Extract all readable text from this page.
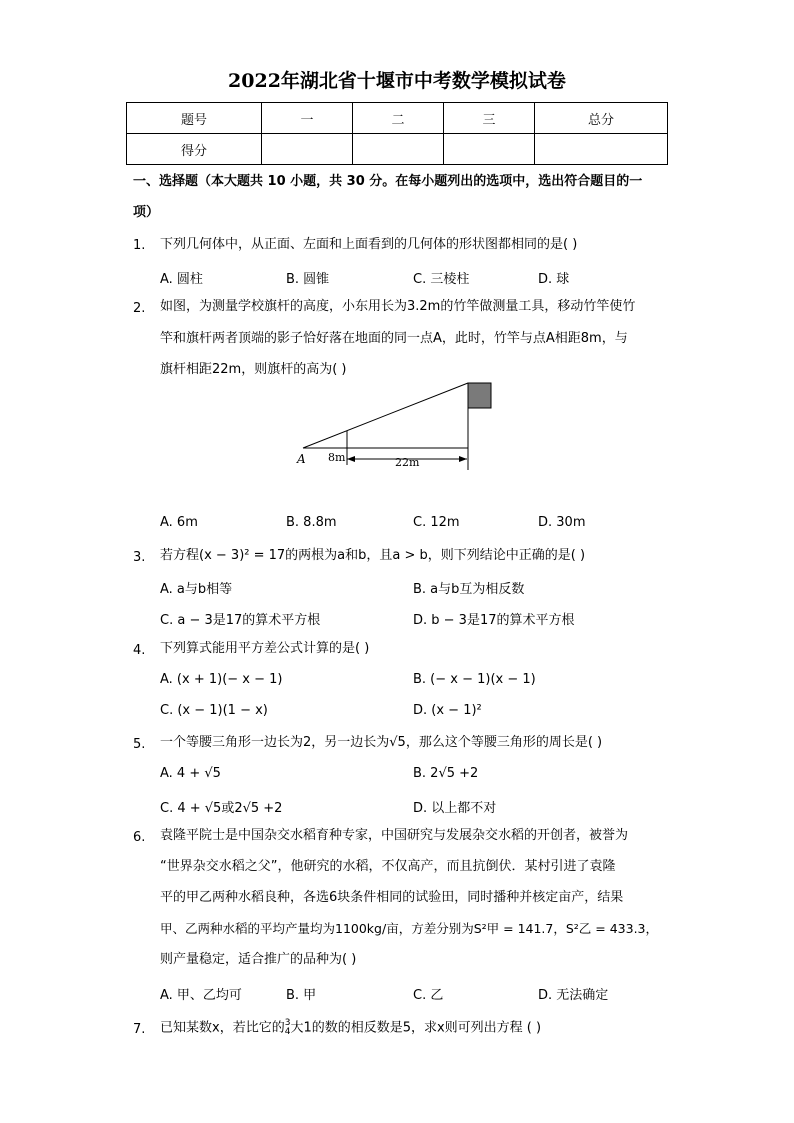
2022年湖北省十堰市中考数学模拟试卷
题号	一	二	三	总分
得分				
一、选择题（本大题共 10 小题，共 30 分。在每小题列出的选项中，选出符合题目的一
项）
1. 下列几何体中，从正面、左面和上面看到的几何体的形状图都相同的是( )
A. 圆柱	B. 圆锥	C. 三棱柱	D. 球
2. 如图，为测量学校旗杆的高度，小东用长为3.2m的竹竿做测量工具，移动竹竿使竹
竿和旗杆两者顶端的影子恰好落在地面的同一点A，此时，竹竿与点A相距8m，与
旗杆相距22m，则旗杆的高为( )
A 8m	22m
A. 6m	B. 8.8m	C. 12m	D. 30m
3. 若方程(x − 3)² = 17的两根为a和b，且a > b，则下列结论中正确的是( )
A. a与b相等	B. a与b互为相反数
C. a − 3是17的算术平方根	D. b − 3是17的算术平方根
4. 下列算式能用平方差公式计算的是( )
A. (x + 1)(− x − 1)	B. (− x − 1)(x − 1)
C. (x − 1)(1 − x)	D. (x − 1)²
5. 一个等腰三角形一边长为2，另一边长为√5，那么这个等腰三角形的周长是( )
A. 4 + √5	B. 2√5 +2
C. 4 + √5或2√5 +2	D. 以上都不对
6. 袁隆平院士是中国杂交水稻育种专家，中国研究与发展杂交水稻的开创者，被誉为
“世界杂交水稻之父”，他研究的水稻，不仅高产，而且抗倒伏．某村引进了袁隆
平的甲乙两种水稻良种，各选6块条件相同的试验田，同时播种并核定亩产，结果
甲、乙两种水稻的平均产量均为1100kg/亩，方差分别为S²甲 = 141.7，S²乙 = 433.3，
则产量稳定，适合推广的品种为( )
A. 甲、乙均可	B. 甲	C. 乙	D. 无法确定
7. 已知某数x，若比它的 3
4 大1的数的相反数是5，求x则可列出方程 ( )
